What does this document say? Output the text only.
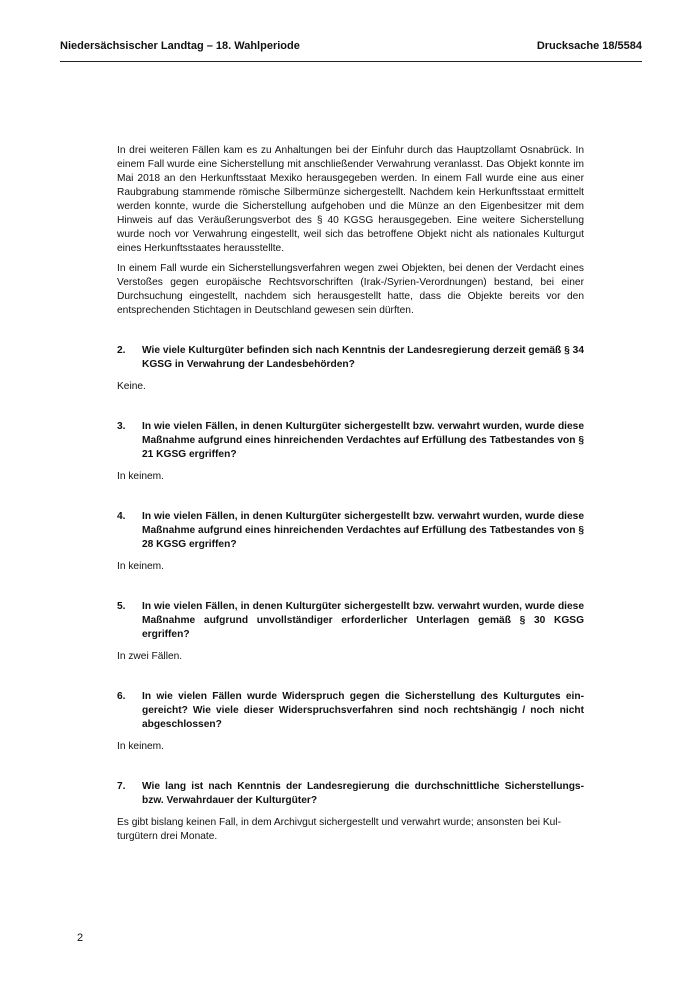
Niedersächsischer Landtag – 18. Wahlperiode	Drucksache 18/5584

In drei weiteren Fällen kam es zu Anhaltungen bei der Einfuhr durch das Hauptzollamt Osnabrück. In einem Fall wurde eine Sicherstellung mit anschließender Verwahrung veranlasst. Das Objekt konnte im Mai 2018 an den Herkunftsstaat Mexiko herausgegeben werden. In einem Fall wurde eine aus einer Raubgrabung stammende römische Silbermünze sichergestellt. Nachdem kein Herkunftsstaat ermittelt werden konnte, wurde die Sicherstellung aufgehoben und die Münze an den Eigenbesitzer mit dem Hinweis auf das Veräußerungsverbot des § 40 KGSG herausgegeben. Eine weitere Sicherstellung wurde noch vor Verwahrung eingestellt, weil sich das betroffene Objekt nicht als nationales Kulturgut eines Herkunftsstaates herausstellte.

In einem Fall wurde ein Sicherstellungsverfahren wegen zwei Objekten, bei denen der Verdacht eines Verstoßes gegen europäische Rechtsvorschriften (Irak-/Syrien-Verordnungen) bestand, bei einer Durchsuchung eingestellt, nachdem sich herausgestellt hatte, dass die Objekte bereits vor den entsprechenden Stichtagen in Deutschland gewesen sein dürften.

2.	Wie viele Kulturgüter befinden sich nach Kenntnis der Landesregierung derzeit gemäß § 34 KGSG in Verwahrung der Landesbehörden?
Keine.
3.	In wie vielen Fällen, in denen Kulturgüter sichergestellt bzw. verwahrt wurden, wurde diese Maßnahme aufgrund eines hinreichenden Verdachtes auf Erfüllung des Tatbestandes von § 21 KGSG ergriffen?
In keinem.
4.	In wie vielen Fällen, in denen Kulturgüter sichergestellt bzw. verwahrt wurden, wurde diese Maßnahme aufgrund eines hinreichenden Verdachtes auf Erfüllung des Tatbestandes von § 28 KGSG ergriffen?
In keinem.
5.	In wie vielen Fällen, in denen Kulturgüter sichergestellt bzw. verwahrt wurden, wurde diese Maßnahme aufgrund unvollständiger erforderlicher Unterlagen gemäß § 30 KGSG ergriffen?
In zwei Fällen.
6.	In wie vielen Fällen wurde Widerspruch gegen die Sicherstellung des Kulturgutes eingereicht? Wie viele dieser Widerspruchsverfahren sind noch rechtshängig / noch nicht abgeschlossen?
In keinem.
7.	Wie lang ist nach Kenntnis der Landesregierung die durchschnittliche Sicherstellungs- bzw. Verwahrdauer der Kulturgüter?
Es gibt bislang keinen Fall, in dem Archivgut sichergestellt und verwahrt wurde; ansonsten bei Kulturgütern drei Monate.
2
